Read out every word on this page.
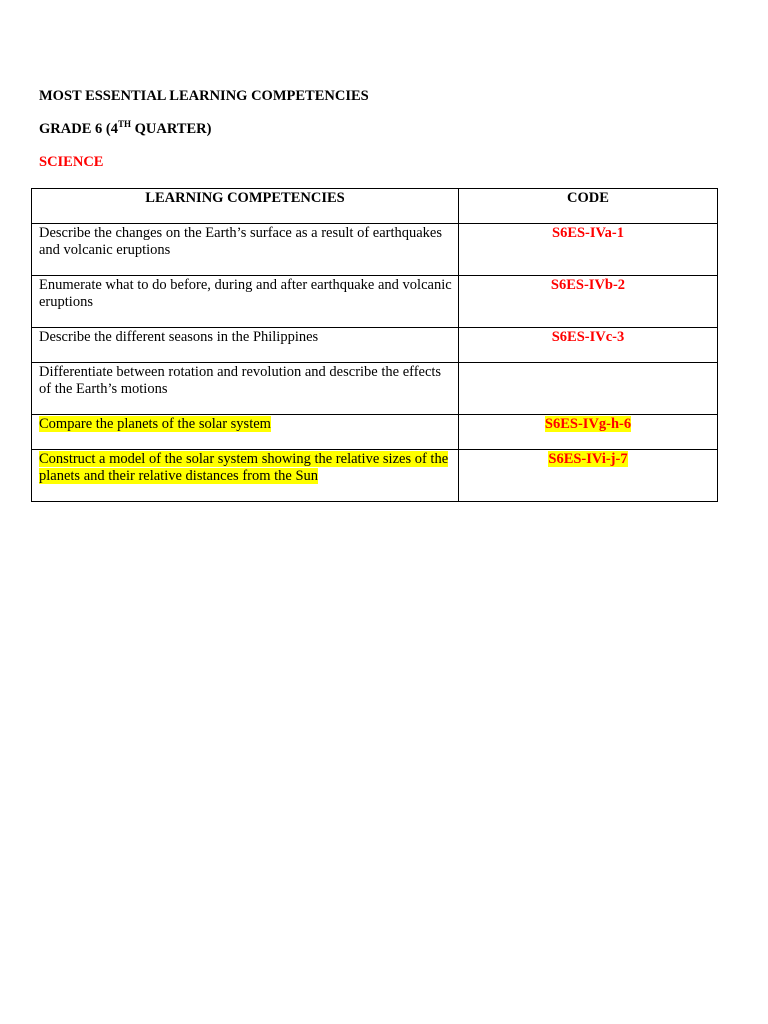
MOST ESSENTIAL LEARNING COMPETENCIES

GRADE 6 (4TH QUARTER)

SCIENCE

LEARNING COMPETENCIES	CODE
Describe the changes on the Earth’s surface as a result of earthquakes and volcanic eruptions	S6ES-IVa-1
Enumerate what to do before, during and after earthquake and volcanic eruptions	S6ES-IVb-2
Describe the different seasons in the Philippines	S6ES-IVc-3
Differentiate between rotation and revolution and describe the effects of the Earth’s motions	
Compare the planets of the solar system	S6ES-IVg-h-6
Construct a model of the solar system showing the relative sizes of the planets and their relative distances from the Sun	S6ES-IVi-j-7
